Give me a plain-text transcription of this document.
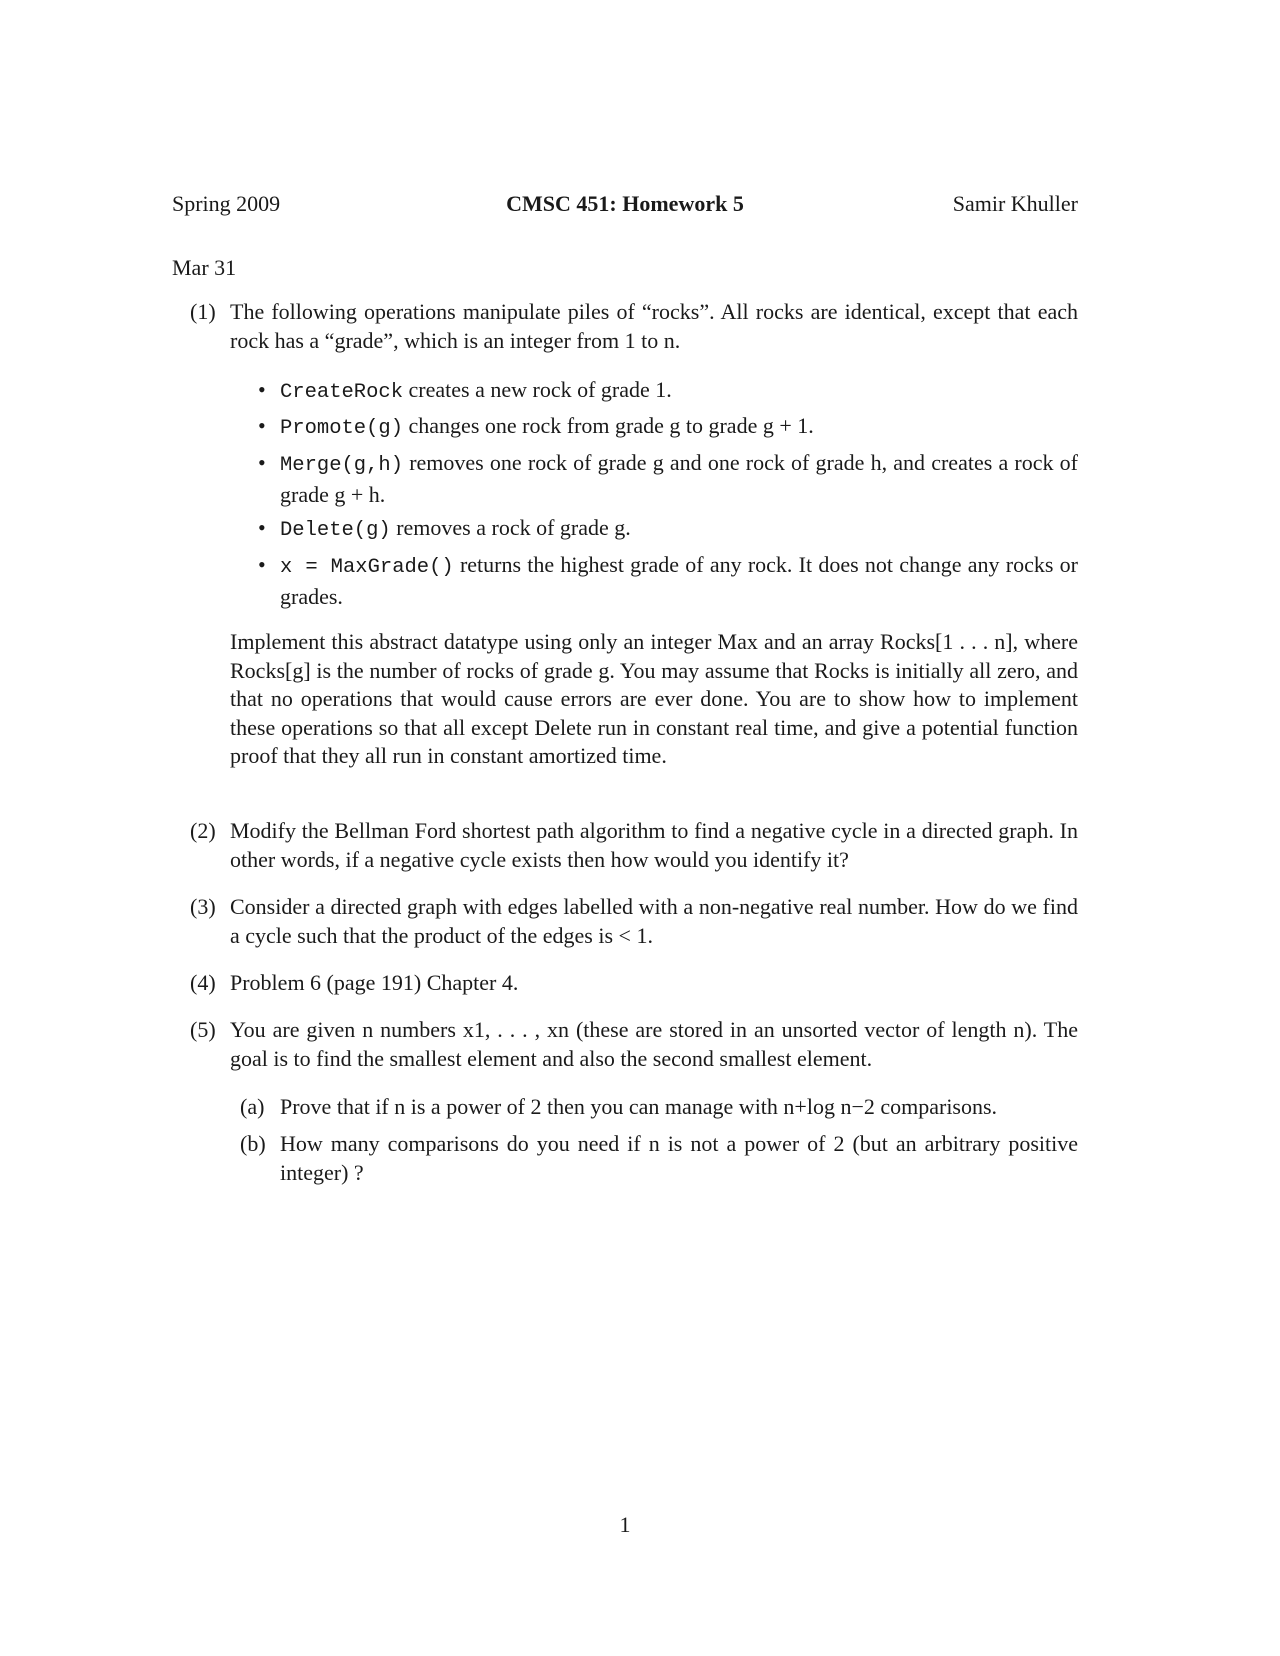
Spring 2009	CMSC 451: Homework 5	Samir Khuller
Mar 31
(1) The following operations manipulate piles of “rocks”. All rocks are identical, except that each rock has a “grade”, which is an integer from 1 to n.

• CreateRock creates a new rock of grade 1.
• Promote(g) changes one rock from grade g to grade g + 1.
• Merge(g,h) removes one rock of grade g and one rock of grade h, and creates a rock of grade g + h.
• Delete(g) removes a rock of grade g.
• x = MaxGrade() returns the highest grade of any rock. It does not change any rocks or grades.

Implement this abstract datatype using only an integer Max and an array Rocks[1 . . . n], where Rocks[g] is the number of rocks of grade g. You may assume that Rocks is initially all zero, and that no operations that would cause errors are ever done. You are to show how to implement these operations so that all except Delete run in constant real time, and give a potential function proof that they all run in constant amortized time.

(2) Modify the Bellman Ford shortest path algorithm to find a negative cycle in a directed graph. In other words, if a negative cycle exists then how would you identify it?

(3) Consider a directed graph with edges labelled with a non-negative real number. How do we find a cycle such that the product of the edges is < 1.

(4) Problem 6 (page 191) Chapter 4.

(5) You are given n numbers x1, . . . , xn (these are stored in an unsorted vector of length n). The goal is to find the smallest element and also the second smallest element.

(a) Prove that if n is a power of 2 then you can manage with n+log n−2 comparisons.
(b) How many comparisons do you need if n is not a power of 2 (but an arbitrary positive integer) ?
1
